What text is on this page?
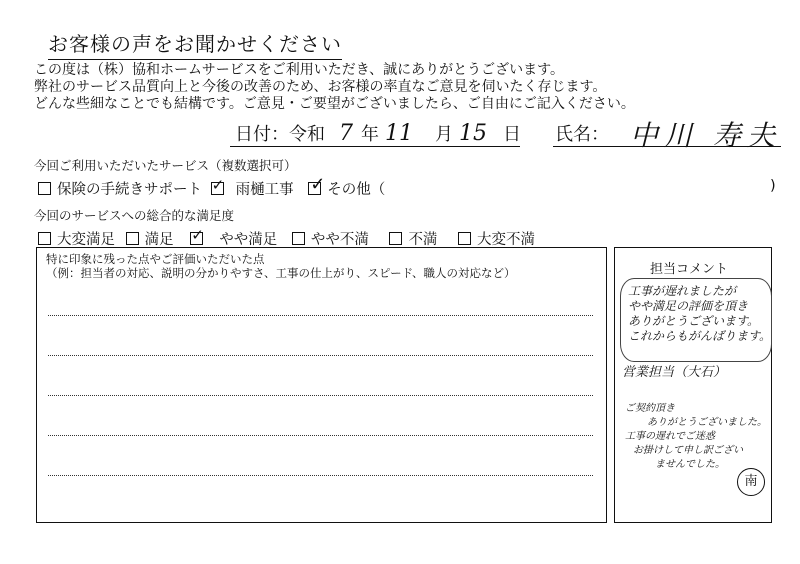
お客様の声をお聞かせください
この度は（株）協和ホームサービスをご利用いただき、誠にありがとうございます。
弊社のサービス品質向上と今後の改善のため、お客様の率直なご意見を伺いたく存じます。
どんな些細なことでも結構です。ご意見・ご要望がございましたら、ご自由にご記入ください。
日付：令和 7 年 11 月 15 日 氏名： 中川 寿夫
今回ご利用いただいたサービス（複数選択可）
保険の手続きサポート ✓ 雨樋工事 ✓ その他（	)
今回のサービスへの総合的な満足度
大変満足 満足 ✓	やや満足 やや不満	不満	大変不満
特に印象に残った点やご評価いただいた点
（例：担当者の対応、説明の分かりやすさ、工事の仕上がり、スピード、職人の対応など）	担当コメント
工事が遅れましたが
やや満足の評価を頂き
ありがとうございます。
これからもがんばります。
営業担当（大石）
ご契約頂き
ありがとうございました。
工事の遅れでご迷惑
お掛けして申し訳ござい
ませんでした。
南
